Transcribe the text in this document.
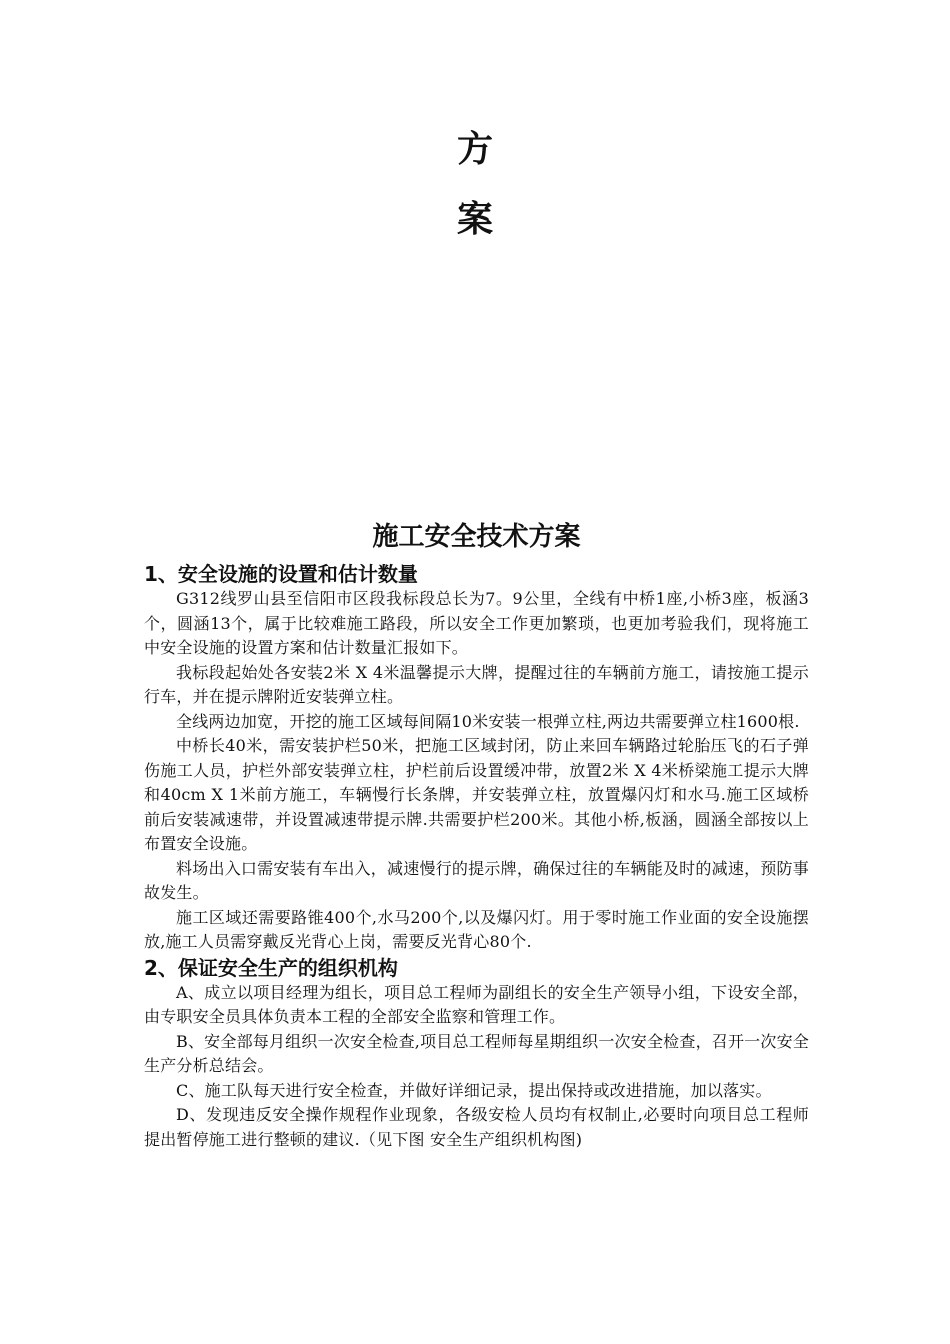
方
案
施工安全技术方案
1、安全设施的设置和估计数量

G312线罗山县至信阳市区段我标段总长为7。9公里，全线有中桥1座,小桥3座，板涵3个，圆涵13个，属于比较难施工路段，所以安全工作更加繁琐，也更加考验我们，现将施工中安全设施的设置方案和估计数量汇报如下。

我标段起始处各安装2米 X 4米温馨提示大牌，提醒过往的车辆前方施工，请按施工提示行车，并在提示牌附近安装弹立柱。

全线两边加宽，开挖的施工区域每间隔10米安装一根弹立柱,两边共需要弹立柱1600根.

中桥长40米，需安装护栏50米，把施工区域封闭，防止来回车辆路过轮胎压飞的石子弹伤施工人员，护栏外部安装弹立柱，护栏前后设置缓冲带，放置2米 X 4米桥梁施工提示大牌和40cm X 1米前方施工，车辆慢行长条牌，并安装弹立柱，放置爆闪灯和水马.施工区域桥前后安装减速带，并设置减速带提示牌.共需要护栏200米。其他小桥,板涵，圆涵全部按以上布置安全设施。

料场出入口需安装有车出入，减速慢行的提示牌，确保过往的车辆能及时的减速，预防事故发生。

施工区域还需要路锥400个,水马200个,以及爆闪灯。用于零时施工作业面的安全设施摆放,施工人员需穿戴反光背心上岗，需要反光背心80个.

2、保证安全生产的组织机构

A、成立以项目经理为组长，项目总工程师为副组长的安全生产领导小组，下设安全部，由专职安全员具体负责本工程的全部安全监察和管理工作。

B、安全部每月组织一次安全检查,项目总工程师每星期组织一次安全检查，召开一次安全生产分析总结会。

C、施工队每天进行安全检查，并做好详细记录，提出保持或改进措施，加以落实。

D、发现违反安全操作规程作业现象，各级安检人员均有权制止,必要时向项目总工程师提出暂停施工进行整顿的建议.（见下图 安全生产组织机构图)
